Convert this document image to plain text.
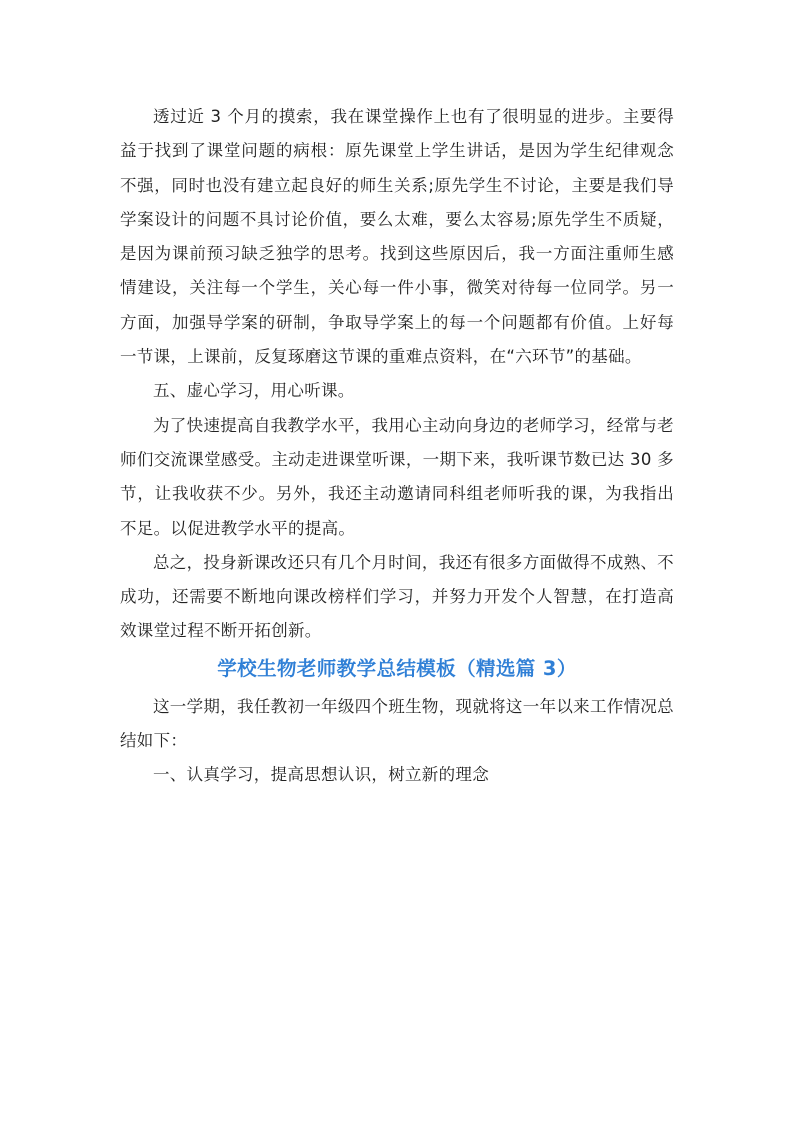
透过近 3 个月的摸索，我在课堂操作上也有了很明显的进步。主要得益于找到了课堂问题的病根：原先课堂上学生讲话，是因为学生纪律观念不强，同时也没有建立起良好的师生关系;原先学生不讨论，主要是我们导学案设计的问题不具讨论价值，要么太难，要么太容易;原先学生不质疑，是因为课前预习缺乏独学的思考。找到这些原因后，我一方面注重师生感情建设，关注每一个学生，关心每一件小事，微笑对待每一位同学。另一方面，加强导学案的研制，争取导学案上的每一个问题都有价值。上好每一节课，上课前，反复琢磨这节课的重难点资料，在“六环节”的基础。

五、虚心学习，用心听课。

为了快速提高自我教学水平，我用心主动向身边的老师学习，经常与老师们交流课堂感受。主动走进课堂听课，一期下来，我听课节数已达 30 多节，让我收获不少。另外，我还主动邀请同科组老师听我的课，为我指出不足。以促进教学水平的提高。

总之，投身新课改还只有几个月时间，我还有很多方面做得不成熟、不成功，还需要不断地向课改榜样们学习，并努力开发个人智慧，在打造高效课堂过程不断开拓创新。

学校生物老师教学总结模板（精选篇 3）

这一学期，我任教初一年级四个班生物，现就将这一年以来工作情况总结如下：

一、认真学习，提高思想认识，树立新的理念
